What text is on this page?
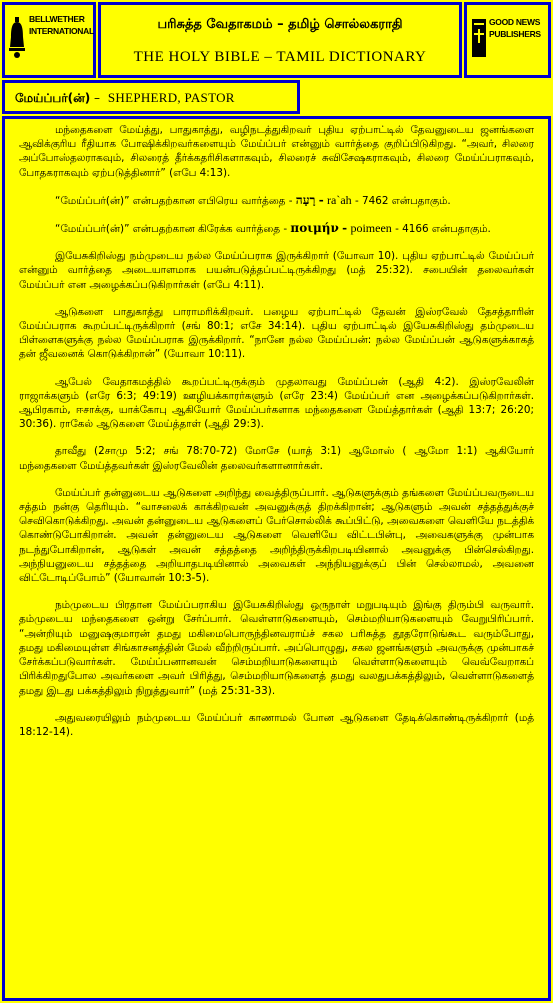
BELLWETHER
INTERNATIONAL	பரிசுத்த வேதாகமம் – தமிழ் சொல்லகராதி
THE HOLY BIBLE – TAMIL DICTIONARY
GOOD NEWS
PUBLISHERS
மேய்ப்பர்(ன்) – SHEPHERD, PASTOR

மந்தைகளை மேய்த்து, பாதுகாத்து, வழிநடத்துகிறவர் புதிய ஏற்பாட்டில் தேவனுடைய ஜனங்களை ஆவிக்குரிய ரீதியாக போஷிக்கிறவர்களையும் மேய்ப்பர் என்னும் வார்த்தை குறிப்பிடுகிறது. “அவர், சிலரை அப்போஸ்தலராகவும், சிலரைத் தீர்க்கதரிசிகளாகவும், சிலரைச் சுவிசேஷகராகவும், சிலரை மேய்ப்பராகவும், போதகராகவும் ஏற்படுத்தினார்” (எபே 4:13).

“மேய்ப்பர்(ன்)” என்பதற்கான எபிரெய வார்த்தை - רָעָה - ra`ah - 7462 என்பதாகும்.

“மேய்ப்பர்(ன்)” என்பதற்கான கிரேக்க வார்த்தை - ποιμήν - poimeen - 4166 என்பதாகும்.

இயேசுகிறிஸ்து நம்முடைய நல்ல மேய்ப்பராக இருக்கிறார் (யோவா 10). புதிய ஏற்பாட்டில் மேய்ப்பர் என்னும் வார்த்தை அடையாளமாக பயன்படுத்தப்பட்டிருக்கிறது (மத் 25:32). சபையின் தலைவர்கள் மேய்ப்பர் என அழைக்கப்படுகிறார்கள் (எபே 4:11).

ஆடுகளை பாதுகாத்து பாராமரிக்கிறவர். பழைய ஏற்பாட்டில் தேவன் இஸ்ரவேல் தேசத்தாரின் மேய்ப்பராக கூறப்பட்டிருக்கிறார் (சங் 80:1; எசே 34:14). புதிய ஏற்பாட்டில் இயேசுகிறிஸ்து தம்முடைய பிள்ளைகளுக்கு நல்ல மேய்ப்பராக இருக்கிறார். “நானே நல்ல மேய்ப்பன்: நல்ல மேய்ப்பன் ஆடுகளுக்காகத் தன் ஜீவனைக் கொடுக்கிறான்” (யோவா 10:11).

ஆபேல் வேதாகமத்தில் கூறப்பட்டிருக்கும் முதலாவது மேய்ப்பன் (ஆதி 4:2). இஸ்ரவேலின் ராஜாக்களும் (எரே 6:3; 49:19) ஊழியக்காரர்களும் (எரே 23:4) மேய்ப்பர் என அழைக்கப்படுகிறார்கள். ஆபிரகாம், ஈசாக்கு, யாக்கோபு ஆகியோர் மேய்ப்பர்களாக மந்தைகளை மேய்த்தார்கள் (ஆதி 13:7; 26:20; 30:36). ராகேல் ஆடுகளை மேய்த்தாள் (ஆதி 29:3).

தாவீது (2சாமு 5:2; சங் 78:70-72) மோசே (யாத் 3:1) ஆமோஸ் ( ஆமோ 1:1) ஆகியோர் மந்தைகளை மேய்த்தவர்கள் இஸ்ரவேலின் தலைவர்களானார்கள்.

மேய்ப்பர் தன்னுடைய ஆடுகளை அறிந்து வைத்திருப்பார். ஆடுகளுக்கும் தங்களை மேய்ப்பவருடைய சத்தம் நன்கு தெரியும். “வாசலைக் காக்கிறவன் அவனுக்குத் திறக்கிறான்; ஆடுகளும் அவன் சத்தத்துக்குச் செவிகொடுக்கிறது. அவன் தன்னுடைய ஆடுகளைப் பேர்சொல்லிக் கூப்பிட்டு, அவைகளை வெளியே நடத்திக் கொண்டுபோகிறான். அவன் தன்னுடைய ஆடுகளை வெளியே விட்டபின்பு, அவைகளுக்கு முன்பாக நடந்துபோகிறான், ஆடுகள் அவன் சத்தத்தை அறிந்திருக்கிறபடியினால் அவனுக்கு பின்செல்கிறது. அந்நியனுடைய சத்தத்தை அறியாதபடியினால் அவைகள் அந்நியனுக்குப் பின் செல்லாமல், அவனை விட்டோடிப்போம்” (யோவான் 10:3-5).

நம்முடைய பிரதான மேய்ப்பராகிய இயேசுகிறிஸ்து ஒருநாள் மறுபடியும் இங்கு திரும்பி வருவார். தம்முடைய மந்தைகளை ஒன்று சேர்ப்பார். வெள்ளாடுகளையும், செம்மறியாடுகளையும் வேறுபிரிப்பார். “அன்றியும் மனுஷகுமாரன் தமது மகிமைபொருந்தினவராய்ச் சகல பரிசுத்த தூதரோடுங்கூட வரும்போது, தமது மகிமையுள்ள சிங்காசனத்தின் மேல் வீற்றிருப்பார். அப்பொழுது, சகல ஜனங்களும் அவருக்கு முன்பாகச் சேர்க்கப்படுவார்கள். மேய்ப்பனானவன் செம்மறியாடுகளையும் வெள்ளாடுகளையும் வெவ்வேறாகப் பிரிக்கிறதுபோல அவர்களை அவர் பிரித்து, செம்மறியாடுகளைத் தமது வலதுபக்கத்திலும், வெள்ளாடுகளைத் தமது இடது பக்கத்திலும் நிறுத்துவார்” (மத் 25:31-33).

அதுவரையிலும் நம்முடைய மேய்ப்பர் காணாமல் போன ஆடுகளை தேடிக்கொண்டிருக்கிறார் (மத் 18:12-14).
